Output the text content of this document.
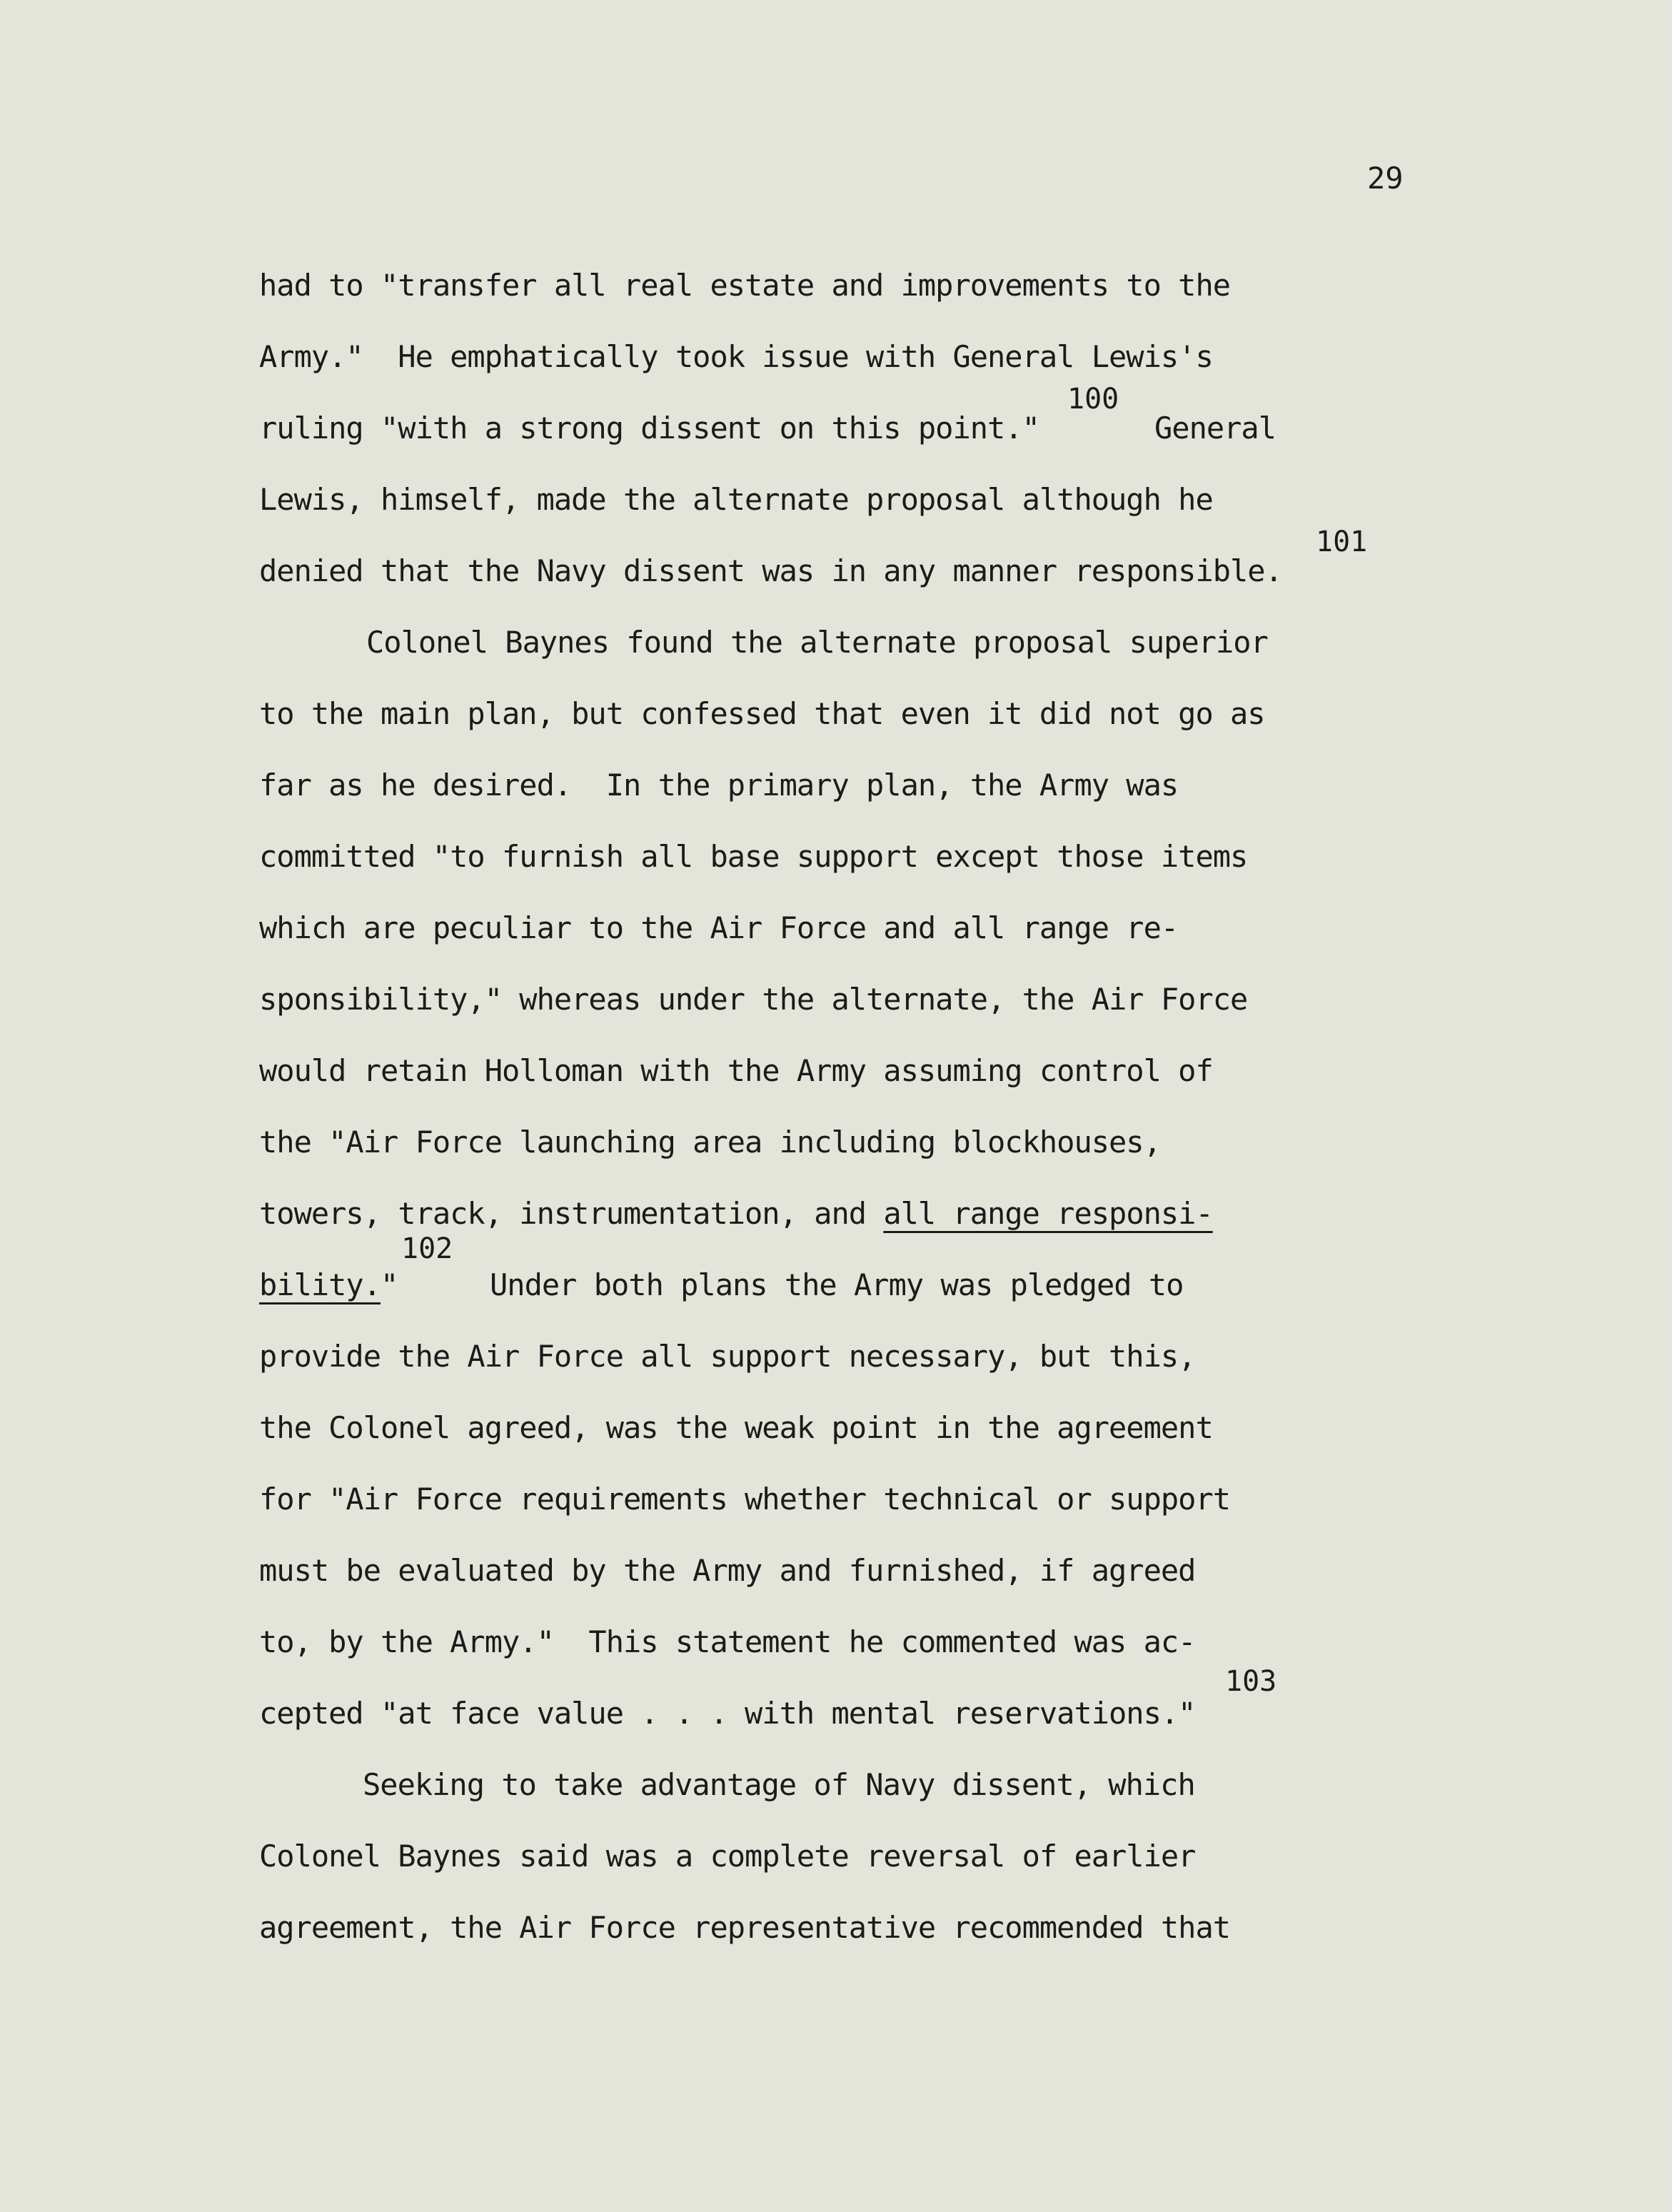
29
had to "transfer all real estate and improvements to the
Army."  He emphatically took issue with General Lewis's
ruling "with a strong dissent on this point."
100
General
Lewis, himself, made the alternate proposal although he
denied that the Navy dissent was in any manner responsible.
101
Colonel Baynes found the alternate proposal superior
to the main plan, but confessed that even it did not go as
far as he desired.  In the primary plan, the Army was
committed "to furnish all base support except those items
which are peculiar to the Air Force and all range re-
sponsibility," whereas under the alternate, the Air Force
would retain Holloman with the Army assuming control of
the "Air Force launching area including blockhouses,
towers, track, instrumentation, and all range responsi-
bility."
102
Under both plans the Army was pledged to
provide the Air Force all support necessary, but this,
the Colonel agreed, was the weak point in the agreement
for "Air Force requirements whether technical or support
must be evaluated by the Army and furnished, if agreed
to, by the Army."  This statement he commented was ac-
cepted "at face value . . . with mental reservations."
103
Seeking to take advantage of Navy dissent, which
Colonel Baynes said was a complete reversal of earlier
agreement, the Air Force representative recommended that
